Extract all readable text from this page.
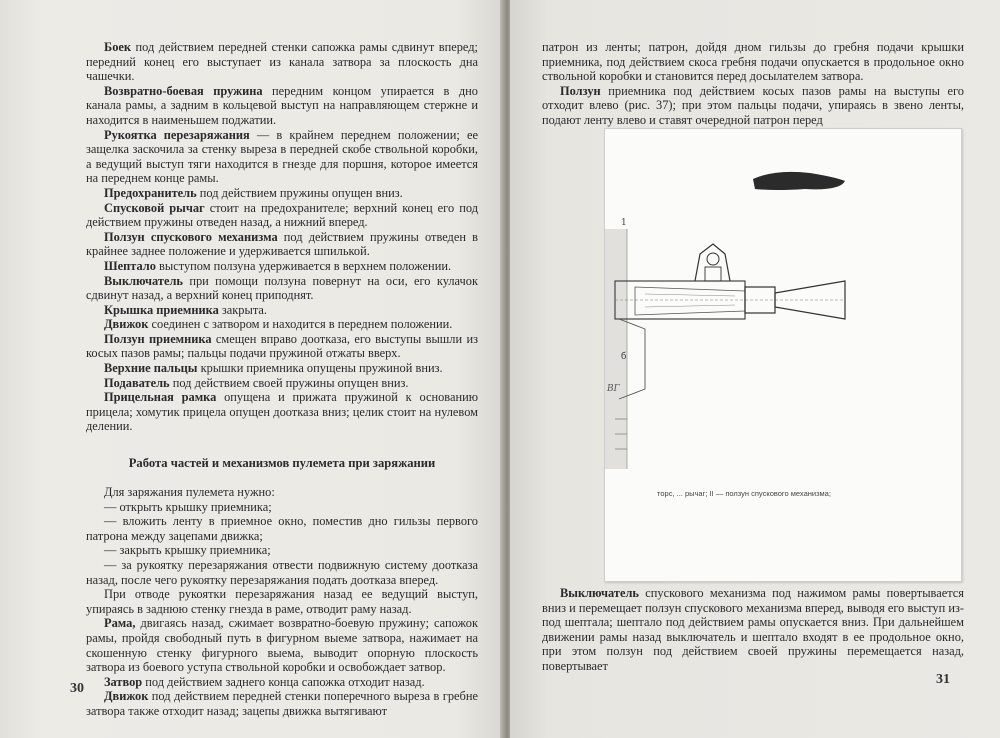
Боек под действием передней стенки сапожка рамы сдвинут вперед; передний конец его выступает из канала затвора за плоскость дна чашечки.

Возвратно-боевая пружина передним концом упирается в дно канала рамы, а задним в кольцевой выступ на направляющем стержне и находится в наименьшем поджатии.

Рукоятка перезаряжания — в крайнем переднем положении; ее защелка заскочила за стенку выреза в передней скобе ствольной коробки, а ведущий выступ тяги находится в гнезде для поршня, которое имеется на переднем конце рамы.

Предохранитель под действием пружины опущен вниз.

Спусковой рычаг стоит на предохранителе; верхний конец его под действием пружины отведен назад, а нижний вперед.

Ползун спускового механизма под действием пружины отведен в крайнее заднее положение и удерживается шпилькой.

Шептало выступом ползуна удерживается в верхнем положении.

Выключатель при помощи ползуна повернут на оси, его кулачок сдвинут назад, а верхний конец приподнят.

Крышка приемника закрыта.

Движок соединен с затвором и находится в переднем положении.

Ползун приемника смещен вправо доотказа, его выступы вышли из косых пазов рамы; пальцы подачи пружиной отжаты вверх.

Верхние пальцы крышки приемника опущены пружиной вниз.

Подаватель под действием своей пружины опущен вниз.

Прицельная рамка опущена и прижата пружиной к основанию прицела; хомутик прицела опущен доотказа вниз; целик стоит на нулевом делении.

Работа частей и механизмов пулемета при заряжании

Для заряжания пулемета нужно:

— открыть крышку приемника;

— вложить ленту в приемное окно, поместив дно гильзы первого патрона между зацепами движка;

— закрыть крышку приемника;

— за рукоятку перезаряжания отвести подвижную систему доотказа назад, после чего рукоятку перезаряжания подать доотказа вперед.

При отводе рукоятки перезаряжания назад ее ведущий выступ, упираясь в заднюю стенку гнезда в раме, отводит раму назад.

Рама, двигаясь назад, сжимает возвратно-боевую пружину; сапожок рамы, пройдя свободный путь в фигурном выеме затвора, нажимает на скошенную стенку фигурного выема, выводит опорную плоскость затвора из боевого уступа ствольной коробки и освобождает затвор.

Затвор под действием заднего конца сапожка отходит назад.

Движок под действием передней стенки поперечного выреза в гребне затвора также отходит назад; зацепы движка вытягивают

30

патрон из ленты; патрон, дойдя дном гильзы до гребня подачи крышки приемника, под действием скоса гребня подачи опускается в продольное окно ствольной коробки и становится перед досылателем затвора.

Ползун приемника под действием косых пазов рамы на выступы его отходит влево (рис. 37); при этом пальцы подачи, упираясь в звено ленты, подают ленту влево и ставят очередной патрон перед

1
б
ВГ
торс, ... рычаг; II — ползун спускового механизма;

Выключатель спускового механизма под нажимом рамы повертывается вниз и перемещает ползун спускового механизма вперед, выводя его выступ из-под шептала; шептало под действием рамы опускается вниз. При дальнейшем движении рамы назад выключатель и шептало входят в ее продольное окно, при этом ползун под действием своей пружины перемещается назад, повертывает

31
